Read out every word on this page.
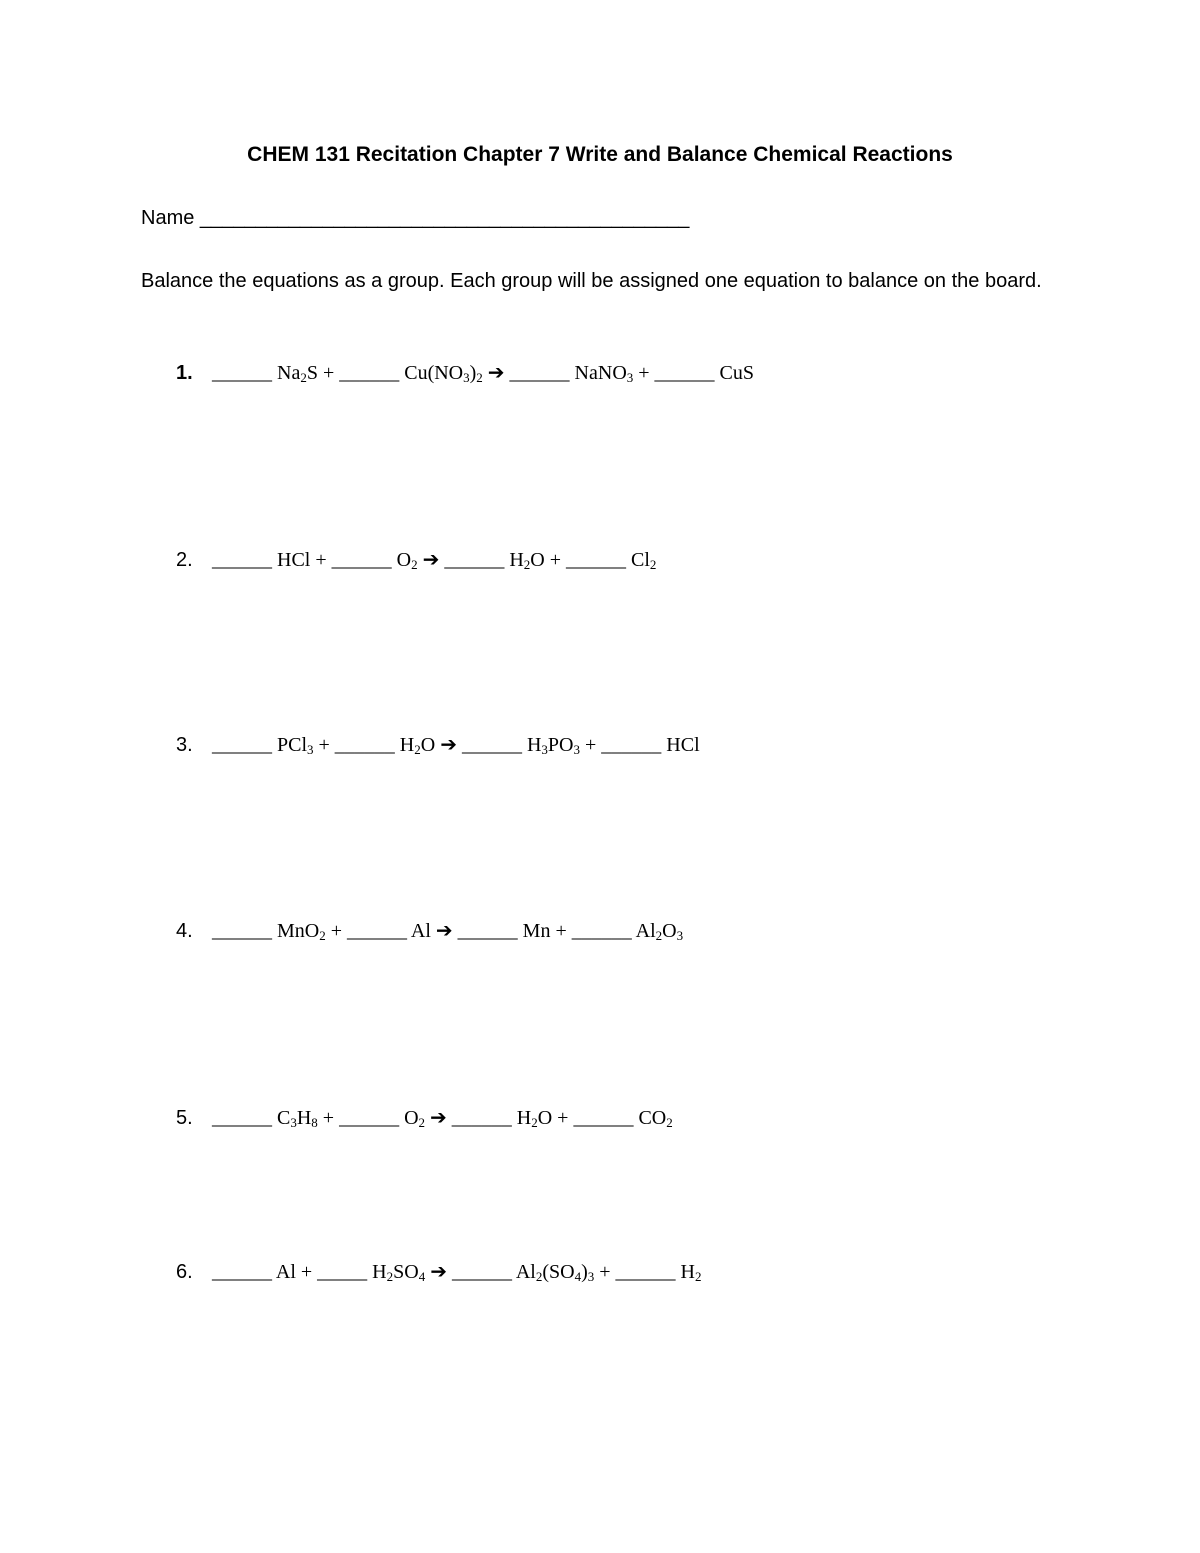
CHEM 131 Recitation Chapter 7 Write and Balance Chemical Reactions
Name ____________________________________________
Balance the equations as a group. Each group will be assigned one equation to balance on the board.
1. ______ $Na_2S$ + ______ $Cu(NO_3)_2$ ➔ ______ NaNO$_3$ + ______ CuS
2. ______ HCl + ______ $O_2$ ➔ ______ $H_2O$ + ______ $Cl_2$
3. ______ PCl$_3$ + ______ $H_2O$ ➔ ______ $H_3PO_3$ + ______ HCl
4. ______ MnO$_2$ + ______ Al ➔ ______ Mn + ______ $Al_2O_3$
5. ______ $C_3H_8$ + ______ $O_2$ ➔ ______ $H_2O$ + ______ $CO_2$
6. ______ Al + _____ $H_2SO_4$ ➔ ______ $Al_2(SO_4)_3$ + ______ $H_2$
